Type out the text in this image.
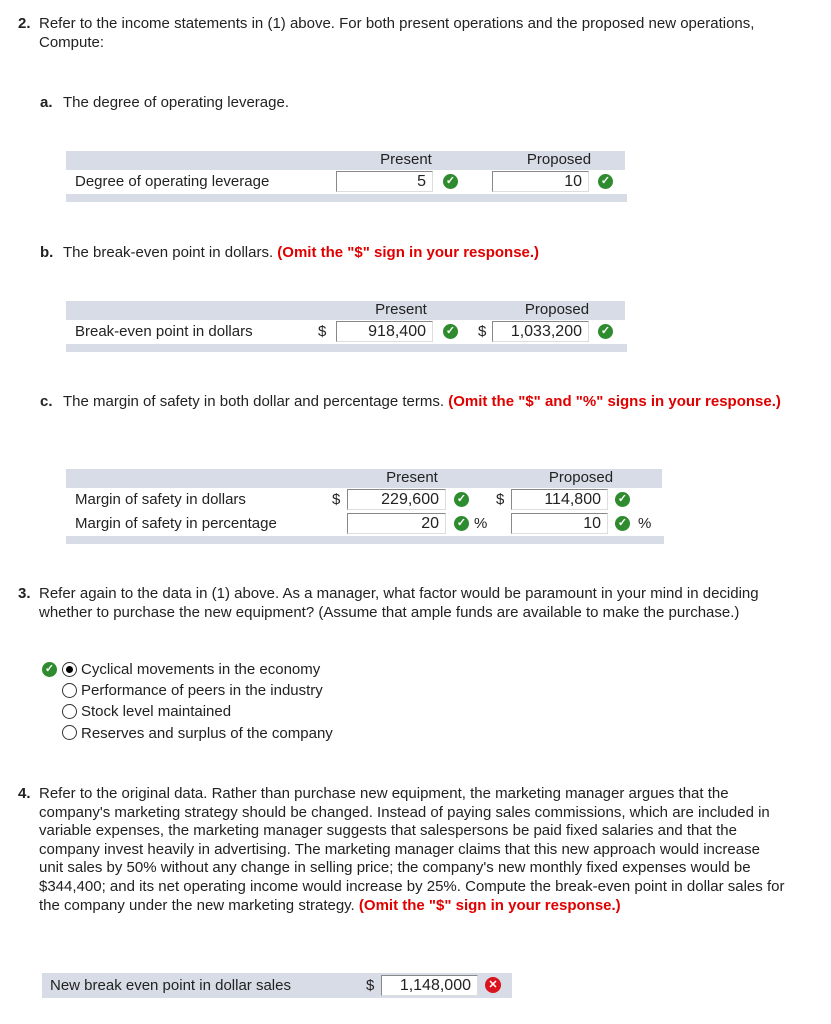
2. Refer to the income statements in (1) above. For both present operations and the proposed new operations, Compute:
a. The degree of operating leverage.
Present	Proposed
Degree of operating leverage	5	✓	10	✓
b. The break-even point in dollars. (Omit the "$" sign in your response.)
Present	Proposed
Break-even point in dollars	$	918,400	✓ $	1,033,200	✓
c. The margin of safety in both dollar and percentage terms. (Omit the "$" and "%" signs in your response.)
Present	Proposed
Margin of safety in dollars	$	229,600	✓ $	114,800	✓
Margin of safety in percentage	20	✓ %	10	✓ %
3. Refer again to the data in (1) above. As a manager, what factor would be paramount in your mind in deciding whether to purchase the new equipment? (Assume that ample funds are available to make the purchase.)
✓ Cyclical movements in the economy
Performance of peers in the industry
Stock level maintained
Reserves and surplus of the company
4. Refer to the original data. Rather than purchase new equipment, the marketing manager argues that the company's marketing strategy should be changed. Instead of paying sales commissions, which are included in variable expenses, the marketing manager suggests that salespersons be paid fixed salaries and that the company invest heavily in advertising. The marketing manager claims that this new approach would increase unit sales by 50% without any change in selling price; the company's new monthly fixed expenses would be $344,400; and its net operating income would increase by 25%. Compute the break-even point in dollar sales for the company under the new marketing strategy. (Omit the "$" sign in your response.)
New break even point in dollar sales	$	1,148,000	✕
